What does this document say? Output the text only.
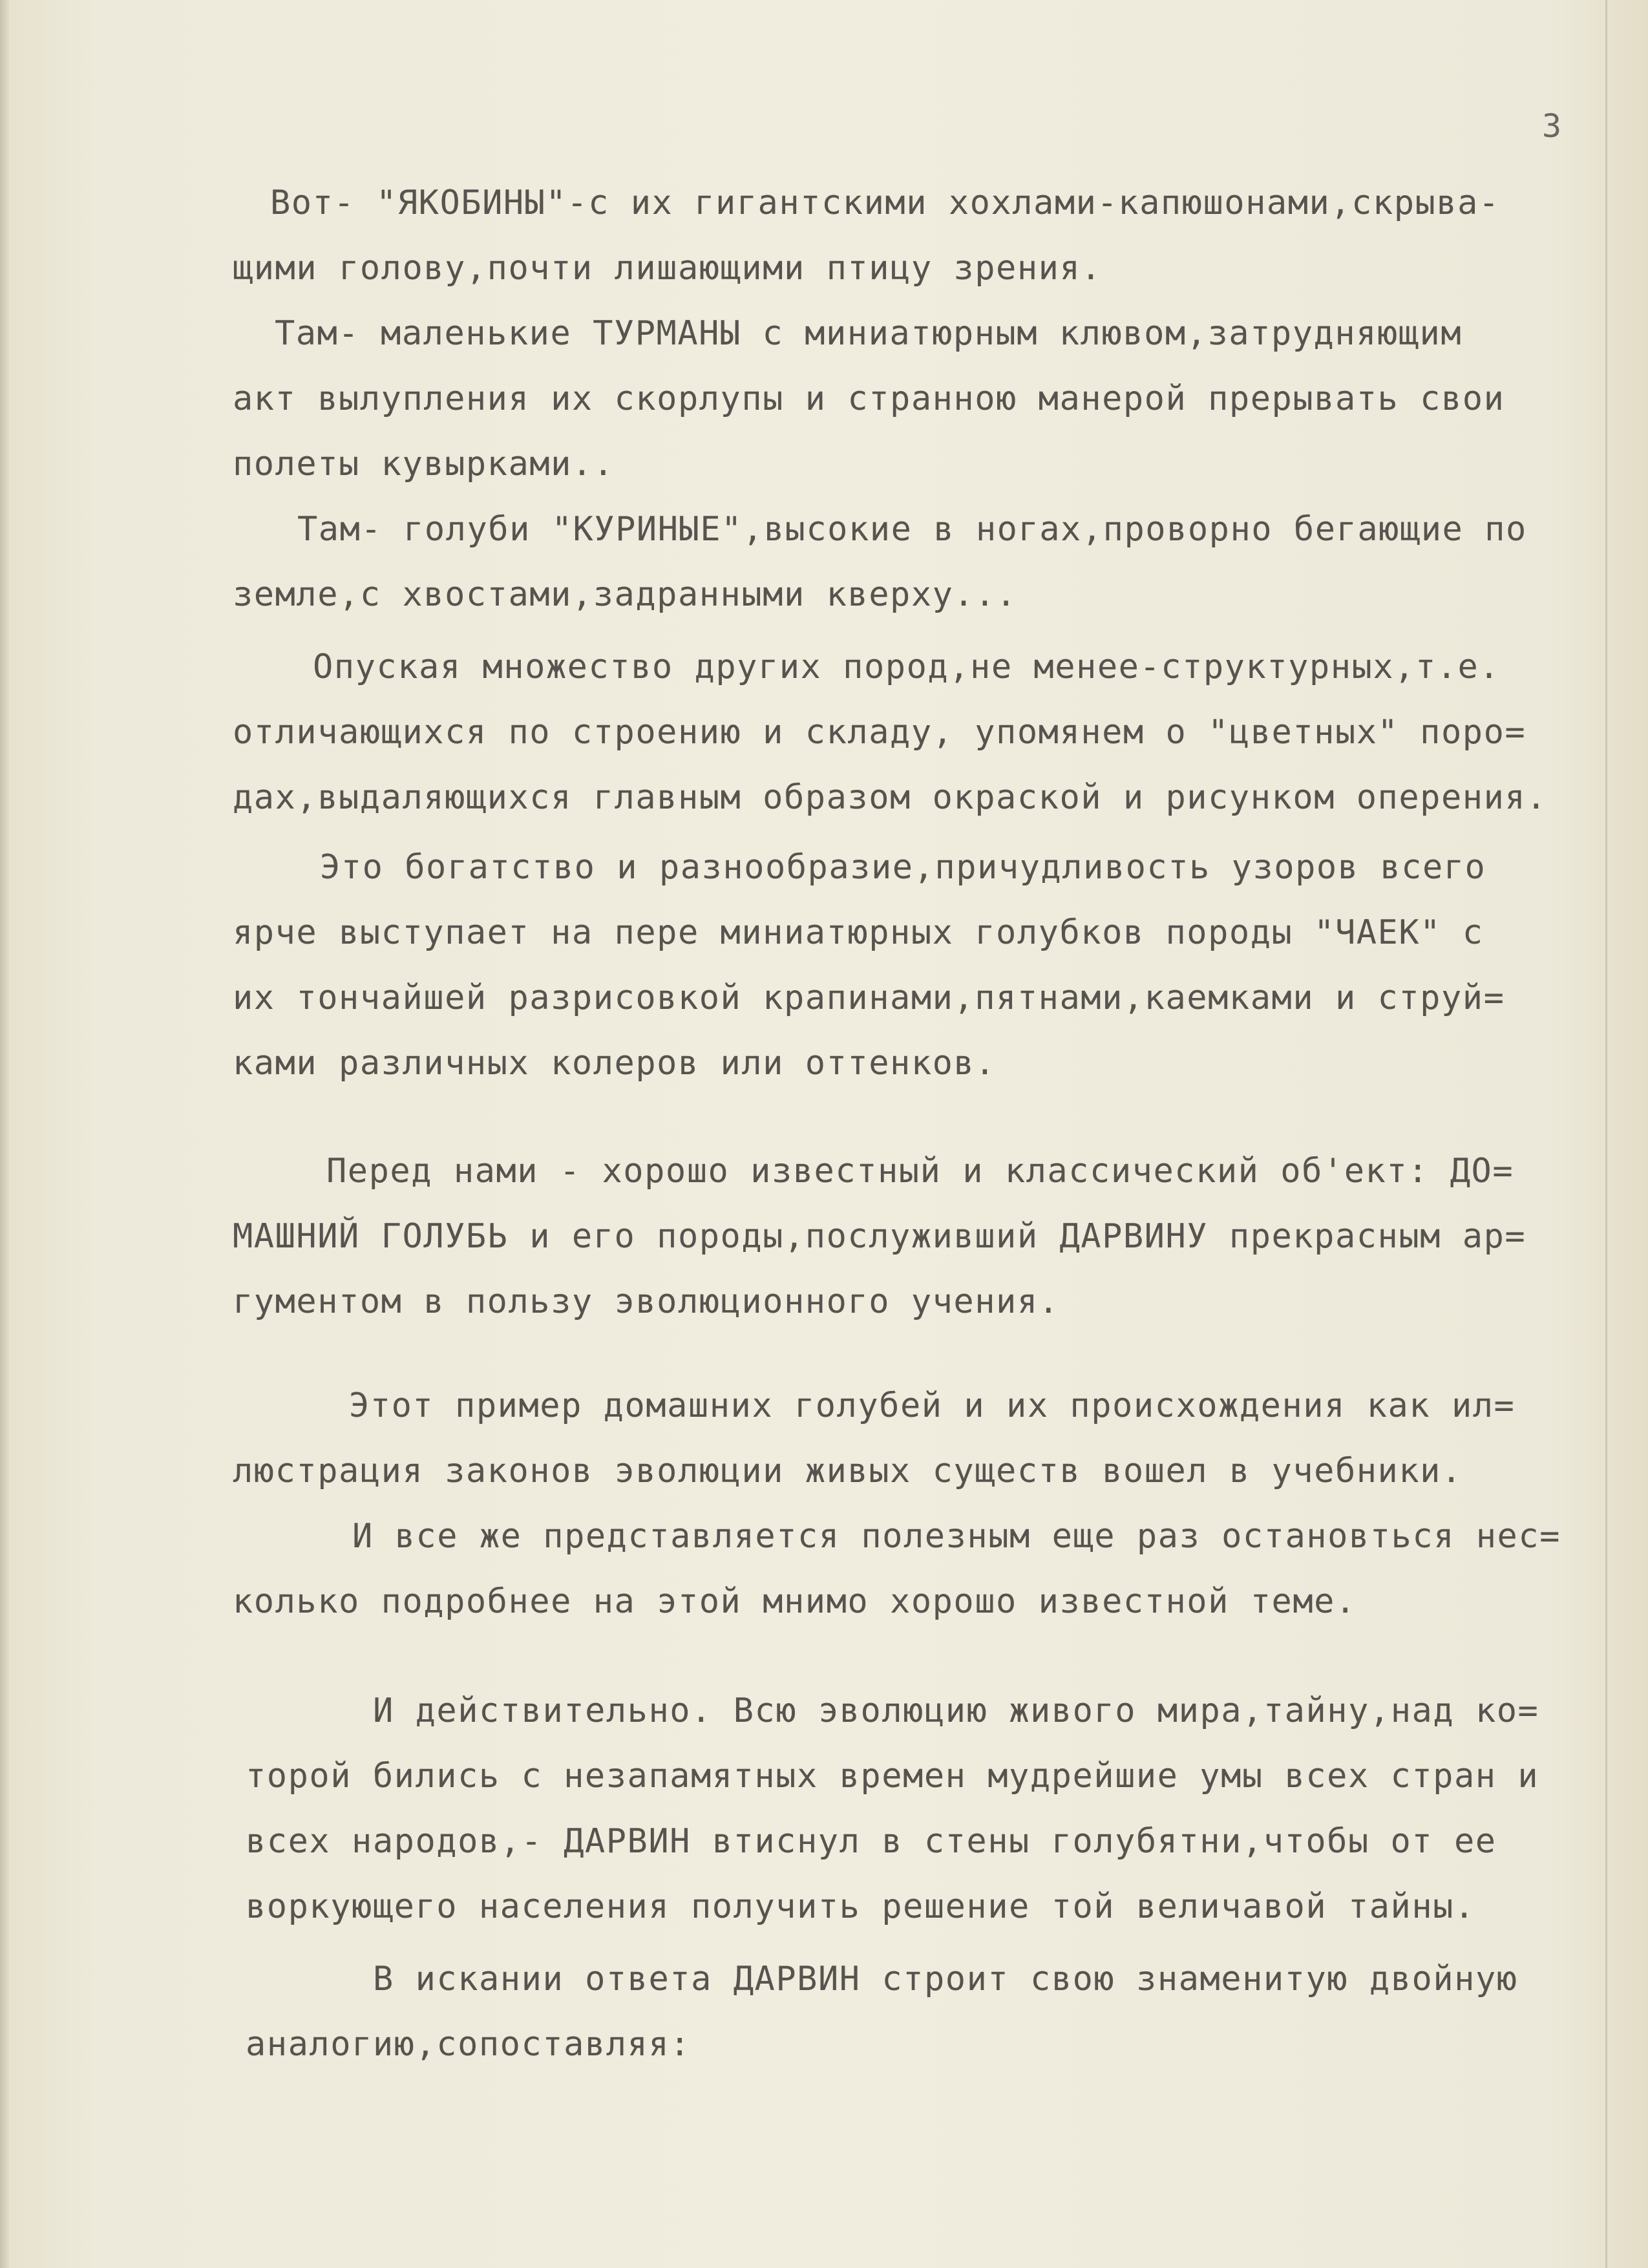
3
Вот- "ЯКОБИНЫ"-с их гигантскими хохлами-капюшонами,скрыва-
щими голову,почти лишающими птицу зрения.
Там- маленькие ТУРМАНЫ с миниатюрным клювом,затрудняющим
акт вылупления их скорлупы и странною манерой прерывать свои
полеты кувырками..
Там- голуби "КУРИНЫЕ",высокие в ногах,проворно бегающие по
земле,с хвостами,задранными кверху...
Опуская множество других пород,не менее-структурных,т.е.
отличающихся по строению и складу, упомянем о "цветных" поро=
дах,выдаляющихся главным образом окраской и рисунком оперения.
Это богатство и разнообразие,причудливость узоров всего
ярче выступает на пере миниатюрных голубков породы "ЧАЕК" с
их тончайшей разрисовкой крапинами,пятнами,каемками и струй=
ками различных колеров или оттенков.
Перед нами - хорошо известный и классический об'ект: ДО=
МАШНИЙ ГОЛУБЬ и его породы,послуживший ДАРВИНУ прекрасным ар=
гументом в пользу эволюционного учения.
Этот пример домашних голубей и их происхождения как ил=
люстрация законов эволюции живых существ вошел в учебники.
И все же представляется полезным еще раз остановться нес=
колько подробнее на этой мнимо хорошо известной теме.
И действительно. Всю эволюцию живого мира,тайну,над ко=
торой бились с незапамятных времен мудрейшие умы всех стран и
всех народов,- ДАРВИН втиснул в стены голубятни,чтобы от ее
воркующего населения получить решение той величавой тайны.
В искании ответа ДАРВИН строит свою знаменитую двойную
аналогию,сопоставляя:
